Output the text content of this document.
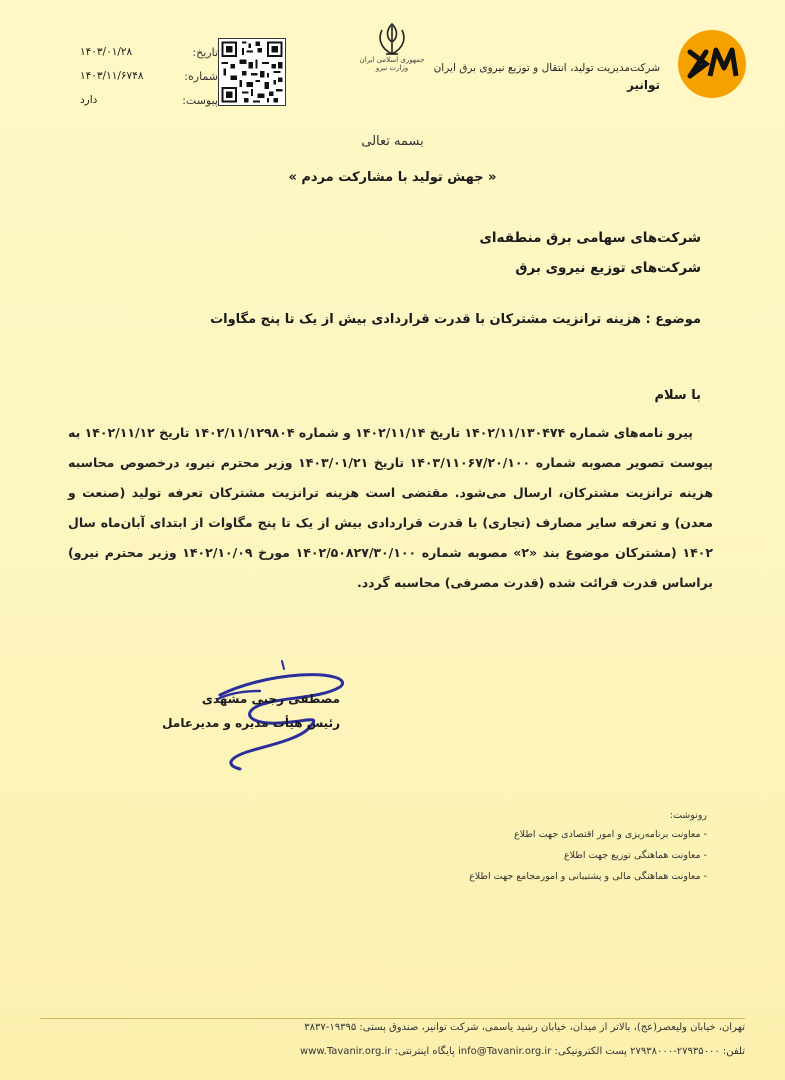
شرکت‌مدیریت تولید، انتقال و توزیع نیروی برق ایران
توانیر
جمهوری اسلامی ایران
وزارت نیرو
تاریخ:
۱۴۰۳/۰۱/۲۸
شماره:
۱۴۰۳/۱۱/۶۷۴۸
پیوست:
دارد
بسمه تعالی
« جهش تولید با مشارکت مردم »
شرکت‌های سهامی برق منطقه‌ای
شرکت‌های توزیع نیروی برق
موضوع : هزینه ترانزیت مشترکان با قدرت قراردادی بیش از یک تا پنج مگاوات
با سلام

پیرو نامه‌های شماره ۱۴۰۲/۱۱/۱۳۰۴۷۴ تاریخ ۱۴۰۲/۱۱/۱۴ و شماره ۱۴۰۲/۱۱/۱۲۹۸۰۴ تاریخ ۱۴۰۲/۱۱/۱۲ به پیوست تصویر مصوبه شماره ۱۴۰۳/۱۱۰۶۷/۲۰/۱۰۰ تاریخ ۱۴۰۳/۰۱/۲۱ وزیر محترم نیرو، درخصوص محاسبه هزینه ترانزیت مشترکان، ارسال می‌شود. مقتضی است هزینه ترانزیت مشترکان تعرفه تولید (صنعت و معدن) و تعرفه سایر مصارف (تجاری) با قدرت قراردادی بیش از یک تا پنج مگاوات از ابتدای آبان‌ماه سال ۱۴۰۲ (مشترکان موضوع بند «۲» مصوبه شماره ۱۴۰۲/۵۰۸۲۷/۳۰/۱۰۰ مورخ ۱۴۰۲/۱۰/۰۹ وزیر محترم نیرو) براساس قدرت قرائت شده (قدرت مصرفی) محاسبه گردد.

مصطفی رجبی مشهدی
رئیس هیأت مدیره و مدیرعامل
رونوشت:
- معاونت برنامه‌ریزی و امور اقتصادی جهت اطلاع
- معاونت هماهنگی توزیع جهت اطلاع
- معاونت هماهنگی مالی و پشتیبانی و امورمجامع جهت اطلاع
تهران، خیابان ولیعصر(عج)، بالاتر از میدان، خیابان رشید یاسمی، شرکت توانیر، صندوق پستی: ۱۹۳۹۵-۳۸۳۷
تلفن: ۲۷۹۳۵۰۰۰-۲۷۹۳۸۰۰۰ پست الکترونیکی: info@Tavanir.org.ir پایگاه اینترنتی: www.Tavanir.org.ir
